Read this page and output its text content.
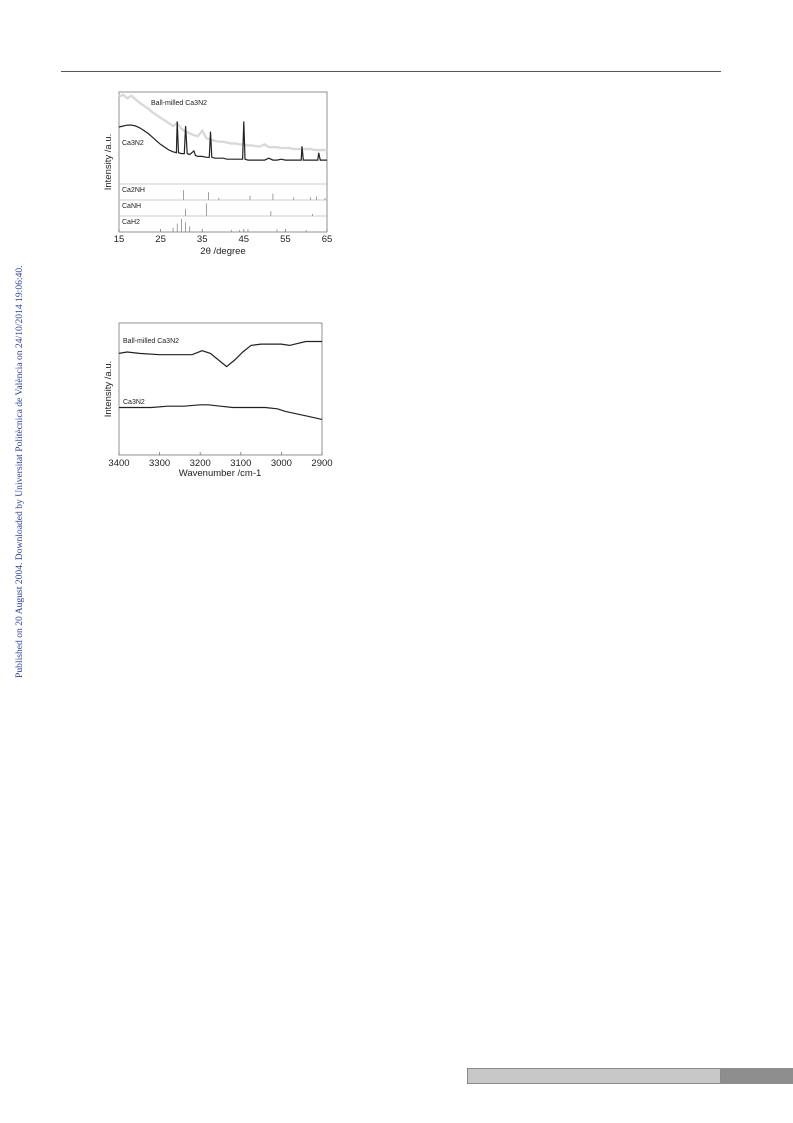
Published on 20 August 2004. Downloaded by Universitat Politècnica de València on 24/10/2014 19:06:40.
Ca2NH
CaNH
CaH2
15	25	35	45	55	65
Ball-milled Ca3N2
Ca3N2
Intensity /a.u.
2θ /degree
3400 3300 3200 3100 3000 2900
Ball-milled Ca3N2
Ca3N2
Intensity /a.u.
Wavenumber /cm-1
